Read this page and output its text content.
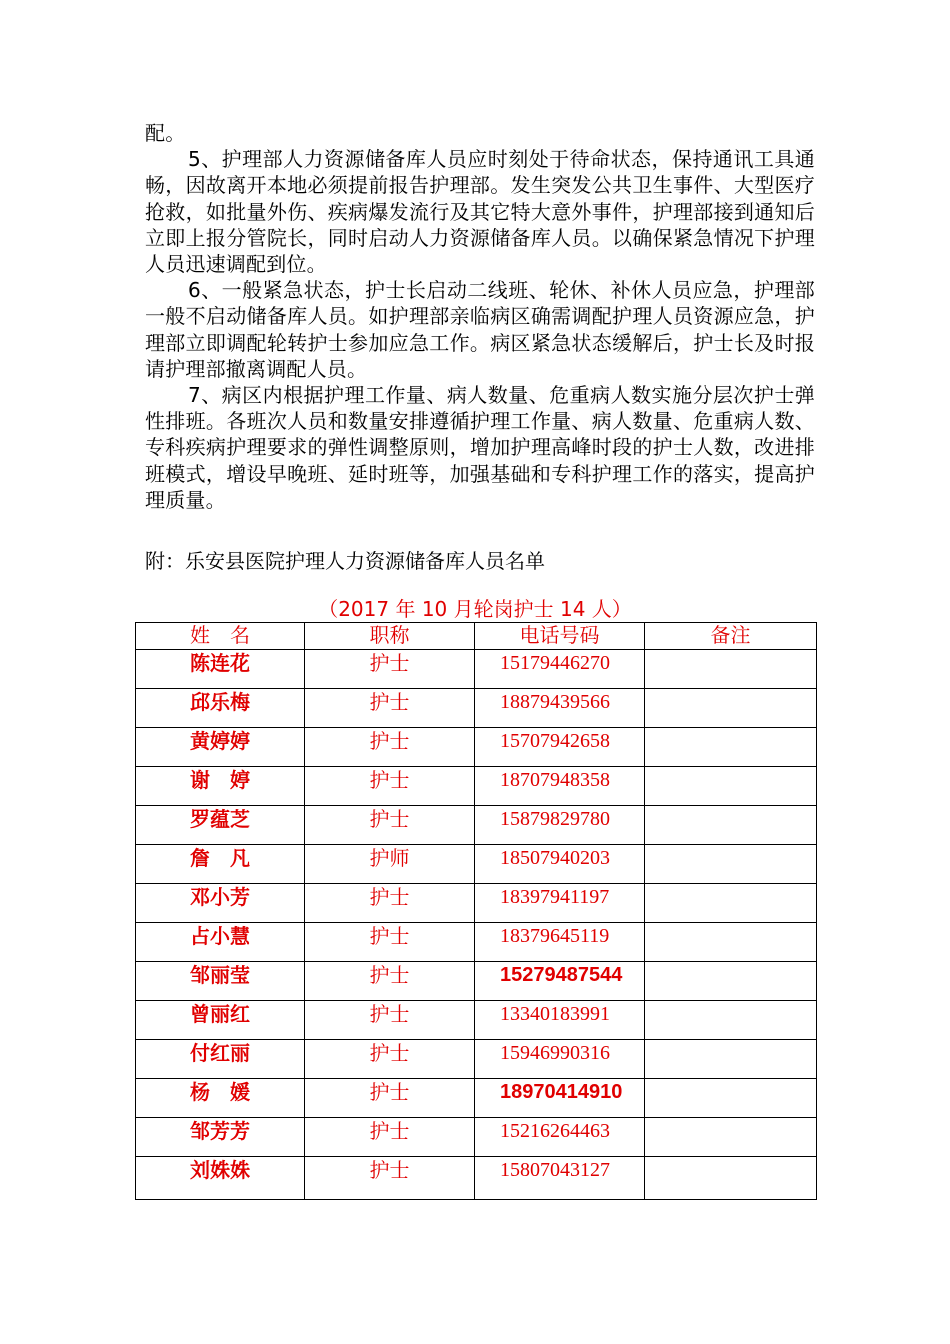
配。

5、护理部人力资源储备库人员应时刻处于待命状态，保持通讯工具通畅，因故离开本地必须提前报告护理部。发生突发公共卫生事件、大型医疗抢救，如批量外伤、疾病爆发流行及其它特大意外事件，护理部接到通知后立即上报分管院长，同时启动人力资源储备库人员。以确保紧急情况下护理人员迅速调配到位。

6、一般紧急状态，护士长启动二线班、轮休、补休人员应急，护理部一般不启动储备库人员。如护理部亲临病区确需调配护理人员资源应急，护理部立即调配轮转护士参加应急工作。病区紧急状态缓解后，护士长及时报请护理部撤离调配人员。

7、病区内根据护理工作量、病人数量、危重病人数实施分层次护士弹性排班。各班次人员和数量安排遵循护理工作量、病人数量、危重病人数、专科疾病护理要求的弹性调整原则，增加护理高峰时段的护士人数，改进排班模式，增设早晚班、延时班等，加强基础和专科护理工作的落实，提高护理质量。

附：乐安县医院护理人力资源储备库人员名单
（2017 年 10 月轮岗护士 14 人）
姓　名	职称	电话号码	备注
陈连花	护士	15179446270	
邱乐梅	护士	18879439566	
黄婷婷	护士	15707942658	
谢　婷	护士	18707948358	
罗蕴芝	护士	15879829780	
詹　凡	护师	18507940203	
邓小芳	护士	18397941197	
占小慧	护士	18379645119	
邹丽莹	护士	15279487544	
曾丽红	护士	13340183991	
付红丽	护士	15946990316	
杨　媛	护士	18970414910	
邹芳芳	护士	15216264463	
刘姝姝	护士	15807043127	
